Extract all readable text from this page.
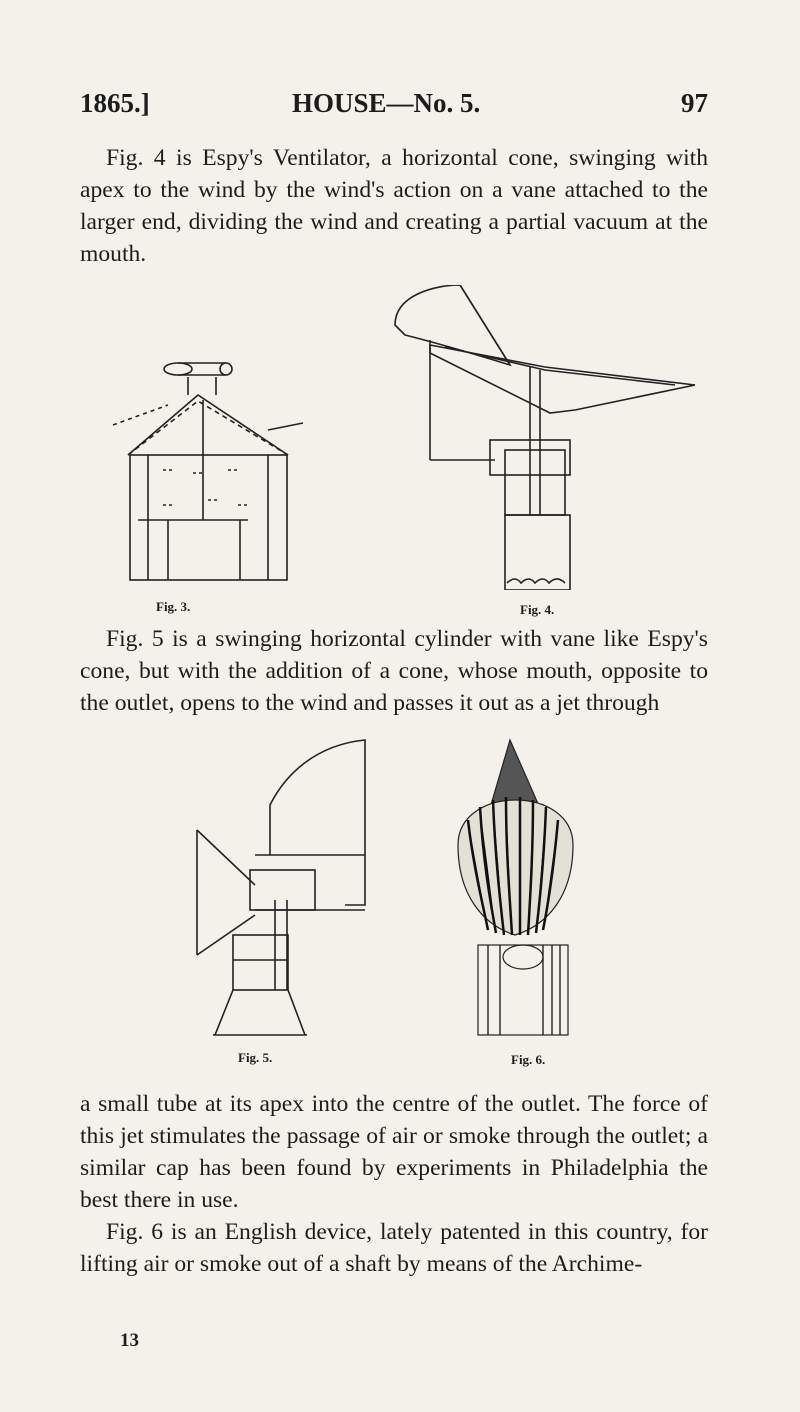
1865.]	HOUSE—No. 5.	97

Fig. 4 is Espy's Ventilator, a horizontal cone, swinging with apex to the wind by the wind's action on a vane attached to the larger end, dividing the wind and creating a partial vacuum at the mouth.

Fig. 3.	Fig. 4.

Fig. 5 is a swinging horizontal cylinder with vane like Espy's cone, but with the addition of a cone, whose mouth, opposite to the outlet, opens to the wind and passes it out as a jet through

Fig. 5.	Fig. 6.

a small tube at its apex into the centre of the outlet. The force of this jet stimulates the passage of air or smoke through the outlet; a similar cap has been found by experiments in Philadelphia the best there in use.

Fig. 6 is an English device, lately patented in this country, for lifting air or smoke out of a shaft by means of the Archime-

13
